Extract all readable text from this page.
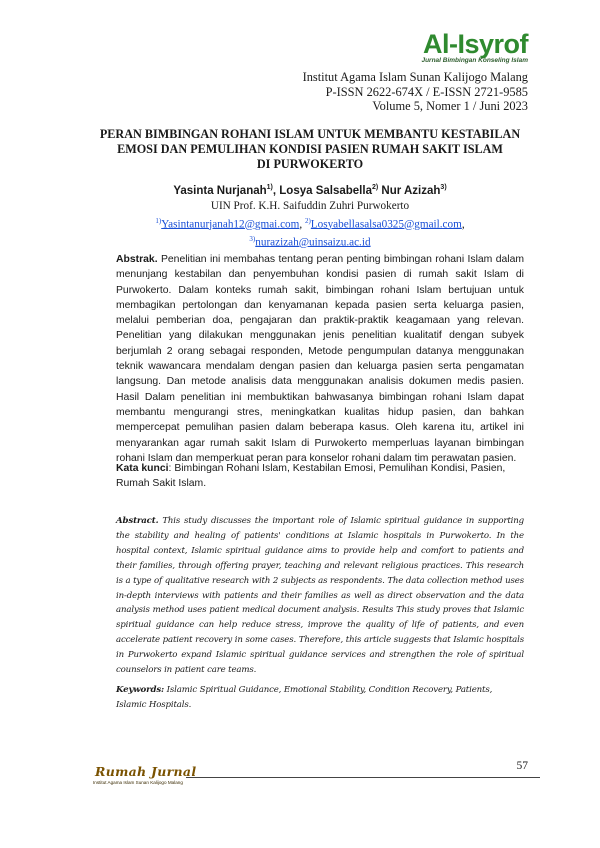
Al-Isyrof
Jurnal Bimbingan Konseling Islam
Institut Agama Islam Sunan Kalijogo Malang
P-ISSN 2622-674X / E-ISSN 2721-9585
Volume 5, Nomer 1 / Juni 2023
PERAN BIMBINGAN ROHANI ISLAM UNTUK MEMBANTU KESTABILAN
EMOSI DAN PEMULIHAN KONDISI PASIEN RUMAH SAKIT ISLAM
DI PURWOKERTO
Yasinta Nurjanah$^{1)}$, Losya Salsabella$^{2)}$ Nur Azizah$^{3)}$
UIN Prof. K.H. Saifuddin Zuhri Purwokerto
$^{1)}$Yasintanurjanah12@gmai.com, $^{2)}$Losyabellasalsa0325@gmail.com,
$^{3)}$nurazizah@uinsaizu.ac.id
Abstrak. Penelitian ini membahas tentang peran penting bimbingan rohani Islam dalam menunjang kestabilan dan penyembuhan kondisi pasien di rumah sakit Islam di Purwokerto. Dalam konteks rumah sakit, bimbingan rohani Islam bertujuan untuk membagikan pertolongan dan kenyamanan kepada pasien serta keluarga pasien, melalui pemberian doa, pengajaran dan praktik-praktik keagamaan yang relevan. Penelitian yang dilakukan menggunakan jenis penelitian kualitatif dengan subyek berjumlah 2 orang sebagai responden, Metode pengumpulan datanya menggunakan teknik wawancara mendalam dengan pasien dan keluarga pasien serta pengamatan langsung. Dan metode analisis data menggunakan analisis dokumen medis pasien. Hasil Dalam penelitian ini membuktikan bahwasanya bimbingan rohani Islam dapat membantu mengurangi stres, meningkatkan kualitas hidup pasien, dan bahkan mempercepat pemulihan pasien dalam beberapa kasus. Oleh karena itu, artikel ini menyarankan agar rumah sakit Islam di Purwokerto memperluas layanan bimbingan rohani Islam dan memperkuat peran para konselor rohani dalam tim perawatan pasien.
Kata kunci: Bimbingan Rohani Islam, Kestabilan Emosi, Pemulihan Kondisi, Pasien, Rumah Sakit Islam.
Abstract. This study discusses the important role of Islamic spiritual guidance in supporting the stability and healing of patients' conditions at Islamic hospitals in Purwokerto. In the hospital context, Islamic spiritual guidance aims to provide help and comfort to patients and their families, through offering prayer, teaching and relevant religious practices. This research is a type of qualitative research with 2 subjects as respondents. The data collection method uses in-depth interviews with patients and their families as well as direct observation and the data analysis method uses patient medical document analysis. Results This study proves that Islamic spiritual guidance can help reduce stress, improve the quality of life of patients, and even accelerate patient recovery in some cases. Therefore, this article suggests that Islamic hospitals in Purwokerto expand Islamic spiritual guidance services and strengthen the role of spiritual counselors in patient care teams.
Keywords: Islamic Spiritual Guidance, Emotional Stability, Condition Recovery, Patients, Islamic Hospitals.
Rumah Jurnal
Institut Agama Islam Sunan Kalijogo Malang
57
